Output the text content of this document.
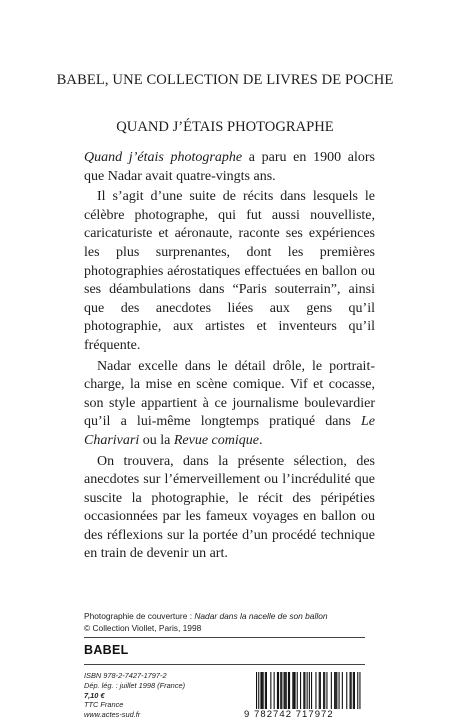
BABEL, UNE COLLECTION DE LIVRES DE POCHE
QUAND J’ÉTAIS PHOTOGRAPHE

Quand j’étais photographe a paru en 1900 alors que Nadar avait quatre-vingts ans.

Il s’agit d’une suite de récits dans lesquels le célèbre photographe, qui fut aussi nouvelliste, caricaturiste et aéronaute, raconte ses expériences les plus surprenantes, dont les premières photographies aérostatiques effectuées en ballon ou ses déambulations dans “Paris souterrain”, ainsi que des anecdotes liées aux gens qu’il photographie, aux artistes et inventeurs qu’il fréquente.

Nadar excelle dans le détail drôle, le portrait-charge, la mise en scène comique. Vif et cocasse, son style appartient à ce journalisme boulevardier qu’il a lui-même longtemps pratiqué dans Le Charivari ou la Revue comique.

On trouvera, dans la présente sélection, des anecdotes sur l’émerveillement ou l’incrédulité que suscite la photographie, le récit des péripéties occasionnées par les fameux voyages en ballon ou des réflexions sur la portée d’un procédé technique en train de devenir un art.

Photographie de couverture : Nadar dans la nacelle de son ballon
© Collection Viollet, Paris, 1998
BABEL
ISBN 978-2-7427-1797-2
Dép. lég. : juillet 1998 (France)
7,10 €
TTC France
www.actes-sud.fr	9 782742 717972
